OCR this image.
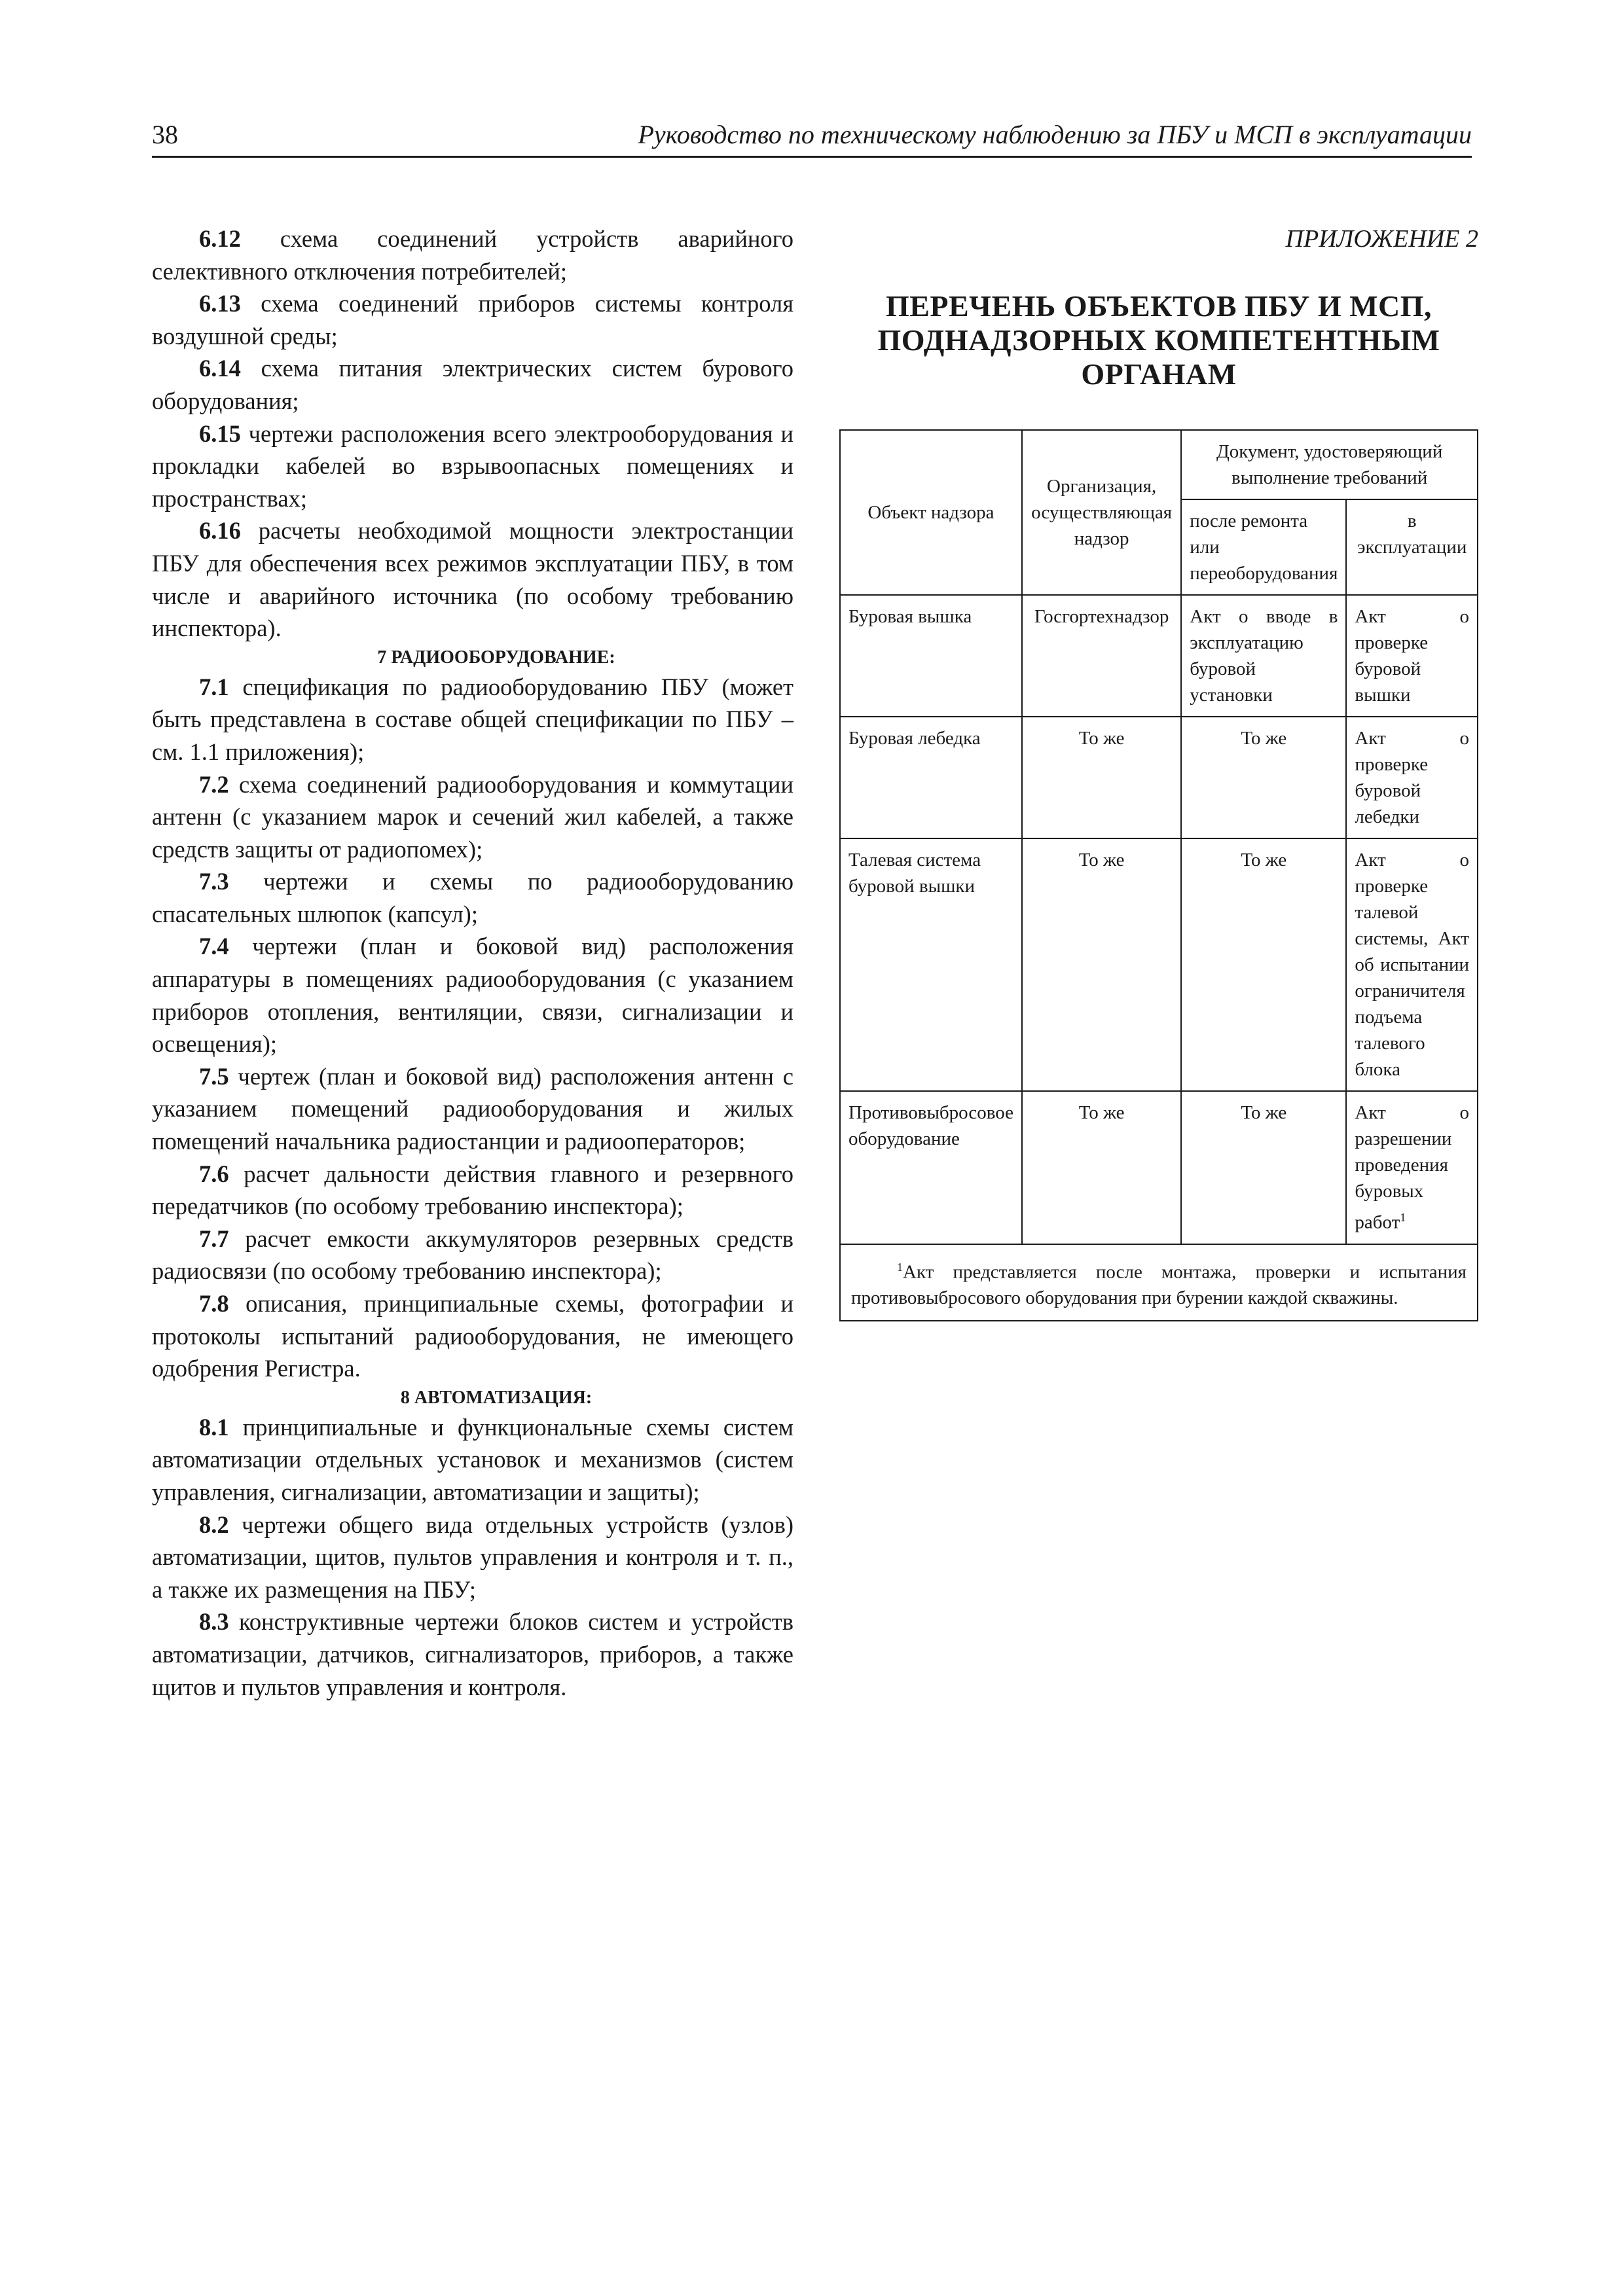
38	Руководство по техническому наблюдению за ПБУ и МСП в эксплуатации

6.12 схема соединений устройств аварийного селективного отключения потребителей;

6.13 схема соединений приборов системы контроля воздушной среды;

6.14 схема питания электрических систем бурового оборудования;

6.15 чертежи расположения всего электрооборудования и прокладки кабелей во взрывоопасных помещениях и пространствах;

6.16 расчеты необходимой мощности электростанции ПБУ для обеспечения всех режимов эксплуатации ПБУ, в том числе и аварийного источника (по особому требованию инспектора).

7 РАДИООБОРУДОВАНИЕ:

7.1 спецификация по радиооборудованию ПБУ (может быть представлена в составе общей спецификации по ПБУ – см. 1.1 приложения);

7.2 схема соединений радиооборудования и коммутации антенн (с указанием марок и сечений жил кабелей, а также средств защиты от радиопомех);

7.3 чертежи и схемы по радиооборудованию спасательных шлюпок (капсул);

7.4 чертежи (план и боковой вид) расположения аппаратуры в помещениях радиооборудования (с указанием приборов отопления, вентиляции, связи, сигнализации и освещения);

7.5 чертеж (план и боковой вид) расположения антенн с указанием помещений радиооборудования и жилых помещений начальника радиостанции и радиооператоров;

7.6 расчет дальности действия главного и резервного передатчиков (по особому требованию инспектора);

7.7 расчет емкости аккумуляторов резервных средств радиосвязи (по особому требованию инспектора);

7.8 описания, принципиальные схемы, фотографии и протоколы испытаний радиооборудования, не имеющего одобрения Регистра.

8 АВТОМАТИЗАЦИЯ:

8.1 принципиальные и функциональные схемы систем автоматизации отдельных установок и механизмов (систем управления, сигнализации, автоматизации и защиты);

8.2 чертежи общего вида отдельных устройств (узлов) автоматизации, щитов, пультов управления и контроля и т. п., а также их размещения на ПБУ;

8.3 конструктивные чертежи блоков систем и устройств автоматизации, датчиков, сигнализаторов, приборов, а также щитов и пультов управления и контроля.

ПРИЛОЖЕНИЕ 2
ПЕРЕЧЕНЬ ОБЪЕКТОВ ПБУ И МСП,
ПОДНАДЗОРНЫХ КОМПЕТЕНТНЫМ
ОРГАНАМ
Объект надзора	Организация, осуществляющая надзор	Документ, удостоверяющий выполнение требований	
		после ремонта или переоборудования	в эксплуатации
Буровая вышка	Госгортехнадзор	Акт о вводе в эксплуатацию буровой установки	Акт о проверке буровой вышки
Буровая лебедка	То же	То же	Акт о проверке буровой лебедки
Талевая система буровой вышки	То же	То же	Акт о проверке талевой системы, Акт об испытании ограничителя подъема талевого блока
Противовыбросовое оборудование	То же	То же	Акт о разрешении проведения буровых работ$^1$
$^1$Акт представляется после монтажа, проверки и испытания противовыбросового оборудования при бурении каждой скважины.			
